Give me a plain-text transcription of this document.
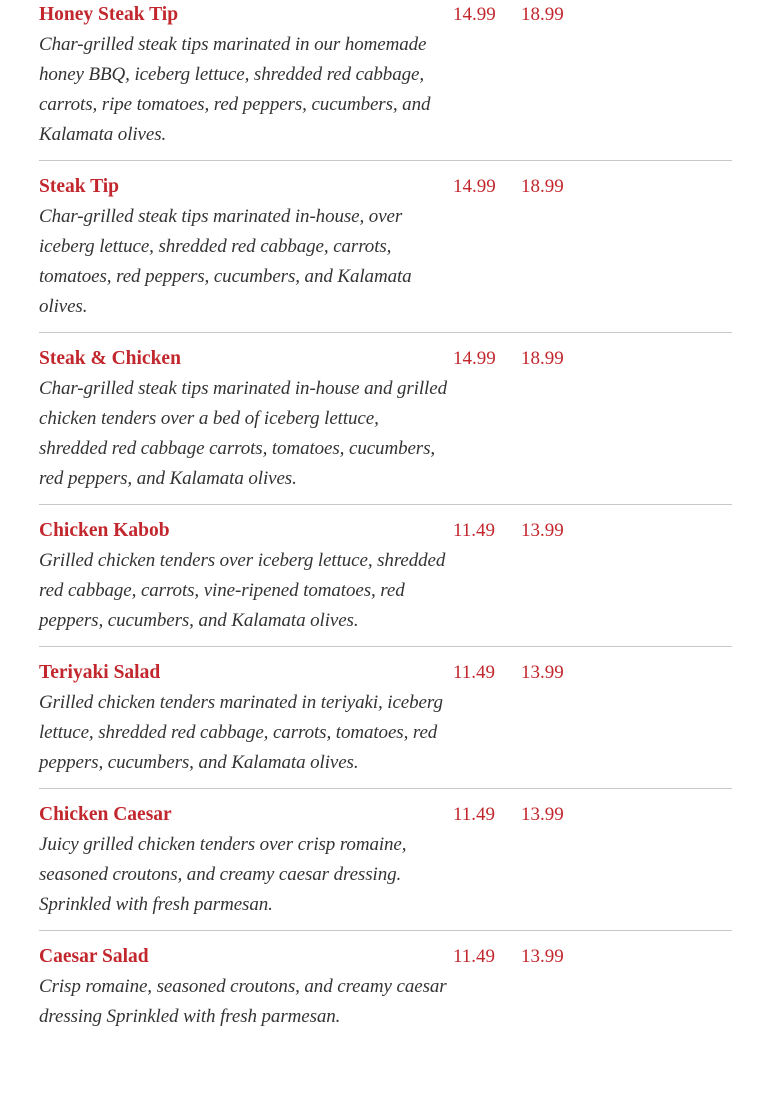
Honey Steak Tip	14.99 18.99
Char-grilled steak tips marinated in our homemade honey BBQ, iceberg lettuce, shredded red cabbage, carrots, ripe tomatoes, red peppers, cucumbers, and Kalamata olives.
Steak Tip	14.99 18.99
Char-grilled steak tips marinated in-house, over iceberg lettuce, shredded red cabbage, carrots, tomatoes, red peppers, cucumbers, and Kalamata olives.
Steak & Chicken	14.99 18.99
Char-grilled steak tips marinated in-house and grilled chicken tenders over a bed of iceberg lettuce, shredded red cabbage carrots, tomatoes, cucumbers, red peppers, and Kalamata olives.
Chicken Kabob	11.49 13.99
Grilled chicken tenders over iceberg lettuce, shredded red cabbage, carrots, vine-ripened tomatoes, red peppers, cucumbers, and Kalamata olives.
Teriyaki Salad	11.49 13.99
Grilled chicken tenders marinated in teriyaki, iceberg lettuce, shredded red cabbage, carrots, tomatoes, red peppers, cucumbers, and Kalamata olives.
Chicken Caesar	11.49 13.99
Juicy grilled chicken tenders over crisp romaine, seasoned croutons, and creamy caesar dressing. Sprinkled with fresh parmesan.
Caesar Salad	11.49 13.99
Crisp romaine, seasoned croutons, and creamy caesar dressing Sprinkled with fresh parmesan.
